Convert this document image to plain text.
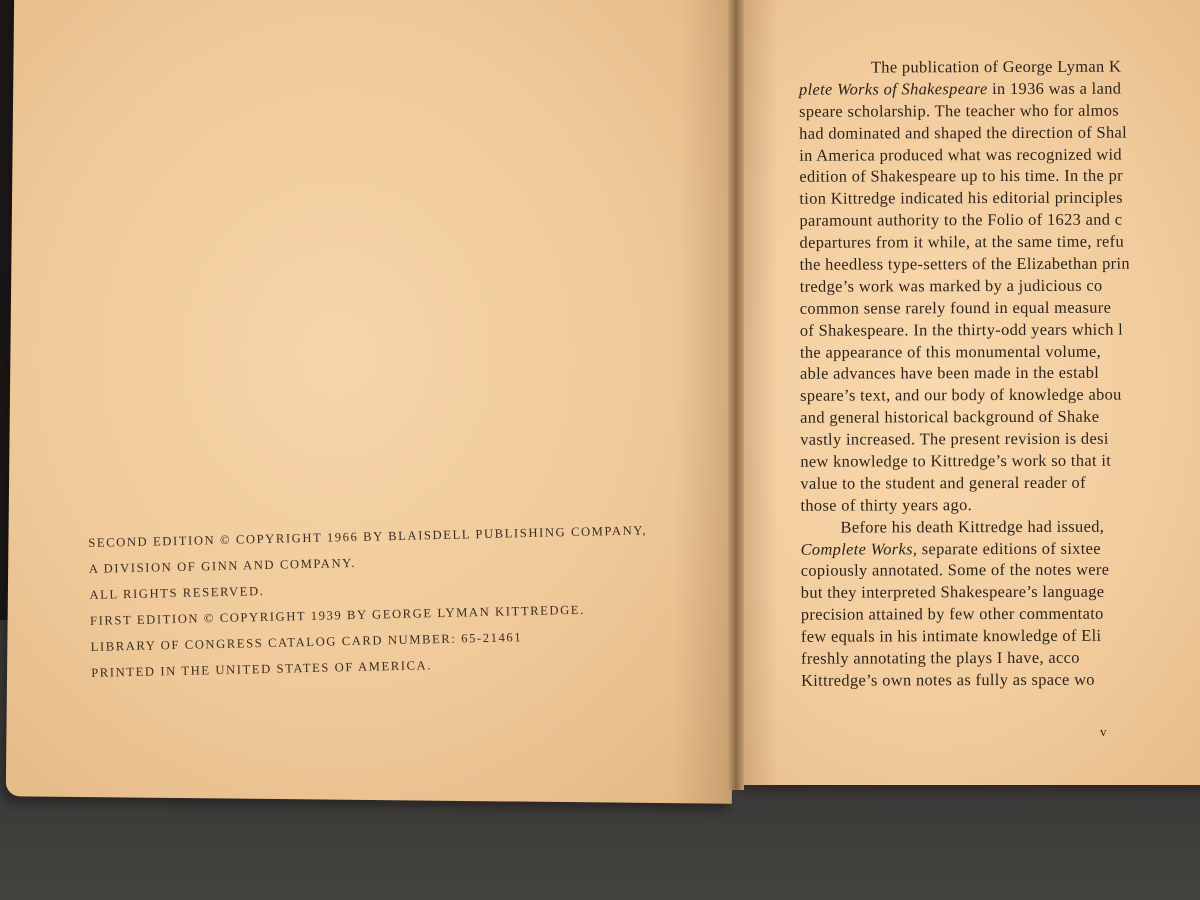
SECOND EDITION © COPYRIGHT 1966 BY BLAISDELL PUBLISHING COMPANY,
A DIVISION OF GINN AND COMPANY.
ALL RIGHTS RESERVED.
FIRST EDITION © COPYRIGHT 1939 BY GEORGE LYMAN KITTREDGE.
LIBRARY OF CONGRESS CATALOG CARD NUMBER: 65-21461
PRINTED IN THE UNITED STATES OF AMERICA.
The publication of George Lyman K
plete Works of Shakespeare in 1936 was a land
speare scholarship. The teacher who for almos
had dominated and shaped the direction of Shal
in America produced what was recognized wid
edition of Shakespeare up to his time. In the pr
tion Kittredge indicated his editorial principles
paramount authority to the Folio of 1623 and c
departures from it while, at the same time, refu
the heedless type-setters of the Elizabethan prin
tredge’s work was marked by a judicious co
common sense rarely found in equal measure
of Shakespeare. In the thirty-odd years which l
the appearance of this monumental volume,
able advances have been made in the establ
speare’s text, and our body of knowledge abou
and general historical background of Shake
vastly increased. The present revision is desi
new knowledge to Kittredge’s work so that it
value to the student and general reader of
those of thirty years ago.
Before his death Kittredge had issued,
Complete Works, separate editions of sixtee
copiously annotated. Some of the notes were
but they interpreted Shakespeare’s language
precision attained by few other commentato
few equals in his intimate knowledge of Eli
freshly annotating the plays I have, acco
Kittredge’s own notes as fully as space wo
v
